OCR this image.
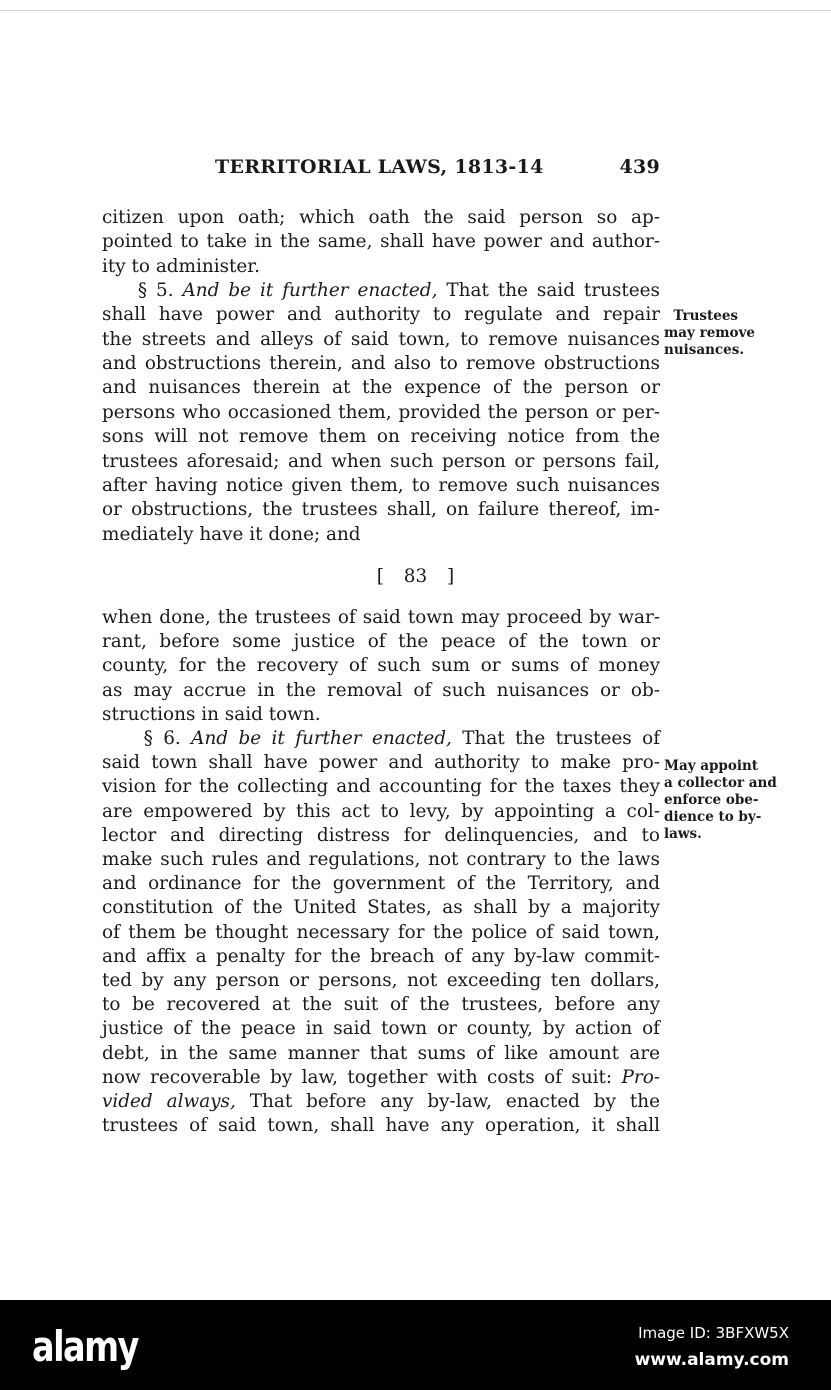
TERRITORIAL LAWS, 1813-14	439
citizen upon oath; which oath the said person so ap-
pointed to take in the same, shall have power and author-
ity to administer.
§ 5. And be it further enacted, That the said trustees
shall have power and authority to regulate and repair
the streets and alleys of said town, to remove nuisances
and obstructions therein, and also to remove obstructions
and nuisances therein at the expence of the person or
persons who occasioned them, provided the person or per-
sons will not remove them on receiving notice from the
trustees aforesaid; and when such person or persons fail,
after having notice given them, to remove such nuisances
or obstructions, the trustees shall, on failure thereof, im-
mediately have it done; and
[ 83 ]
when done, the trustees of said town may proceed by war-
rant, before some justice of the peace of the town or
county, for the recovery of such sum or sums of money
as may accrue in the removal of such nuisances or ob-
structions in said town.
§ 6. And be it further enacted, That the trustees of
said town shall have power and authority to make pro-
vision for the collecting and accounting for the taxes they
are empowered by this act to levy, by appointing a col-
lector and directing distress for delinquencies, and to
make such rules and regulations, not contrary to the laws
and ordinance for the government of the Territory, and
constitution of the United States, as shall by a majority
of them be thought necessary for the police of said town,
and affix a penalty for the breach of any by-law commit-
ted by any person or persons, not exceeding ten dollars,
to be recovered at the suit of the trustees, before any
justice of the peace in said town or county, by action of
debt, in the same manner that sums of like amount are
now recoverable by law, together with costs of suit: Pro-
vided always, That before any by-law, enacted by the
trustees of said town, shall have any operation, it shall
Trustees
may remove
nuisances.
May appoint
a collector and
enforce obe-
dience to by-
laws.
alamy	Image ID: 3BFXW5X
www.alamy.com
